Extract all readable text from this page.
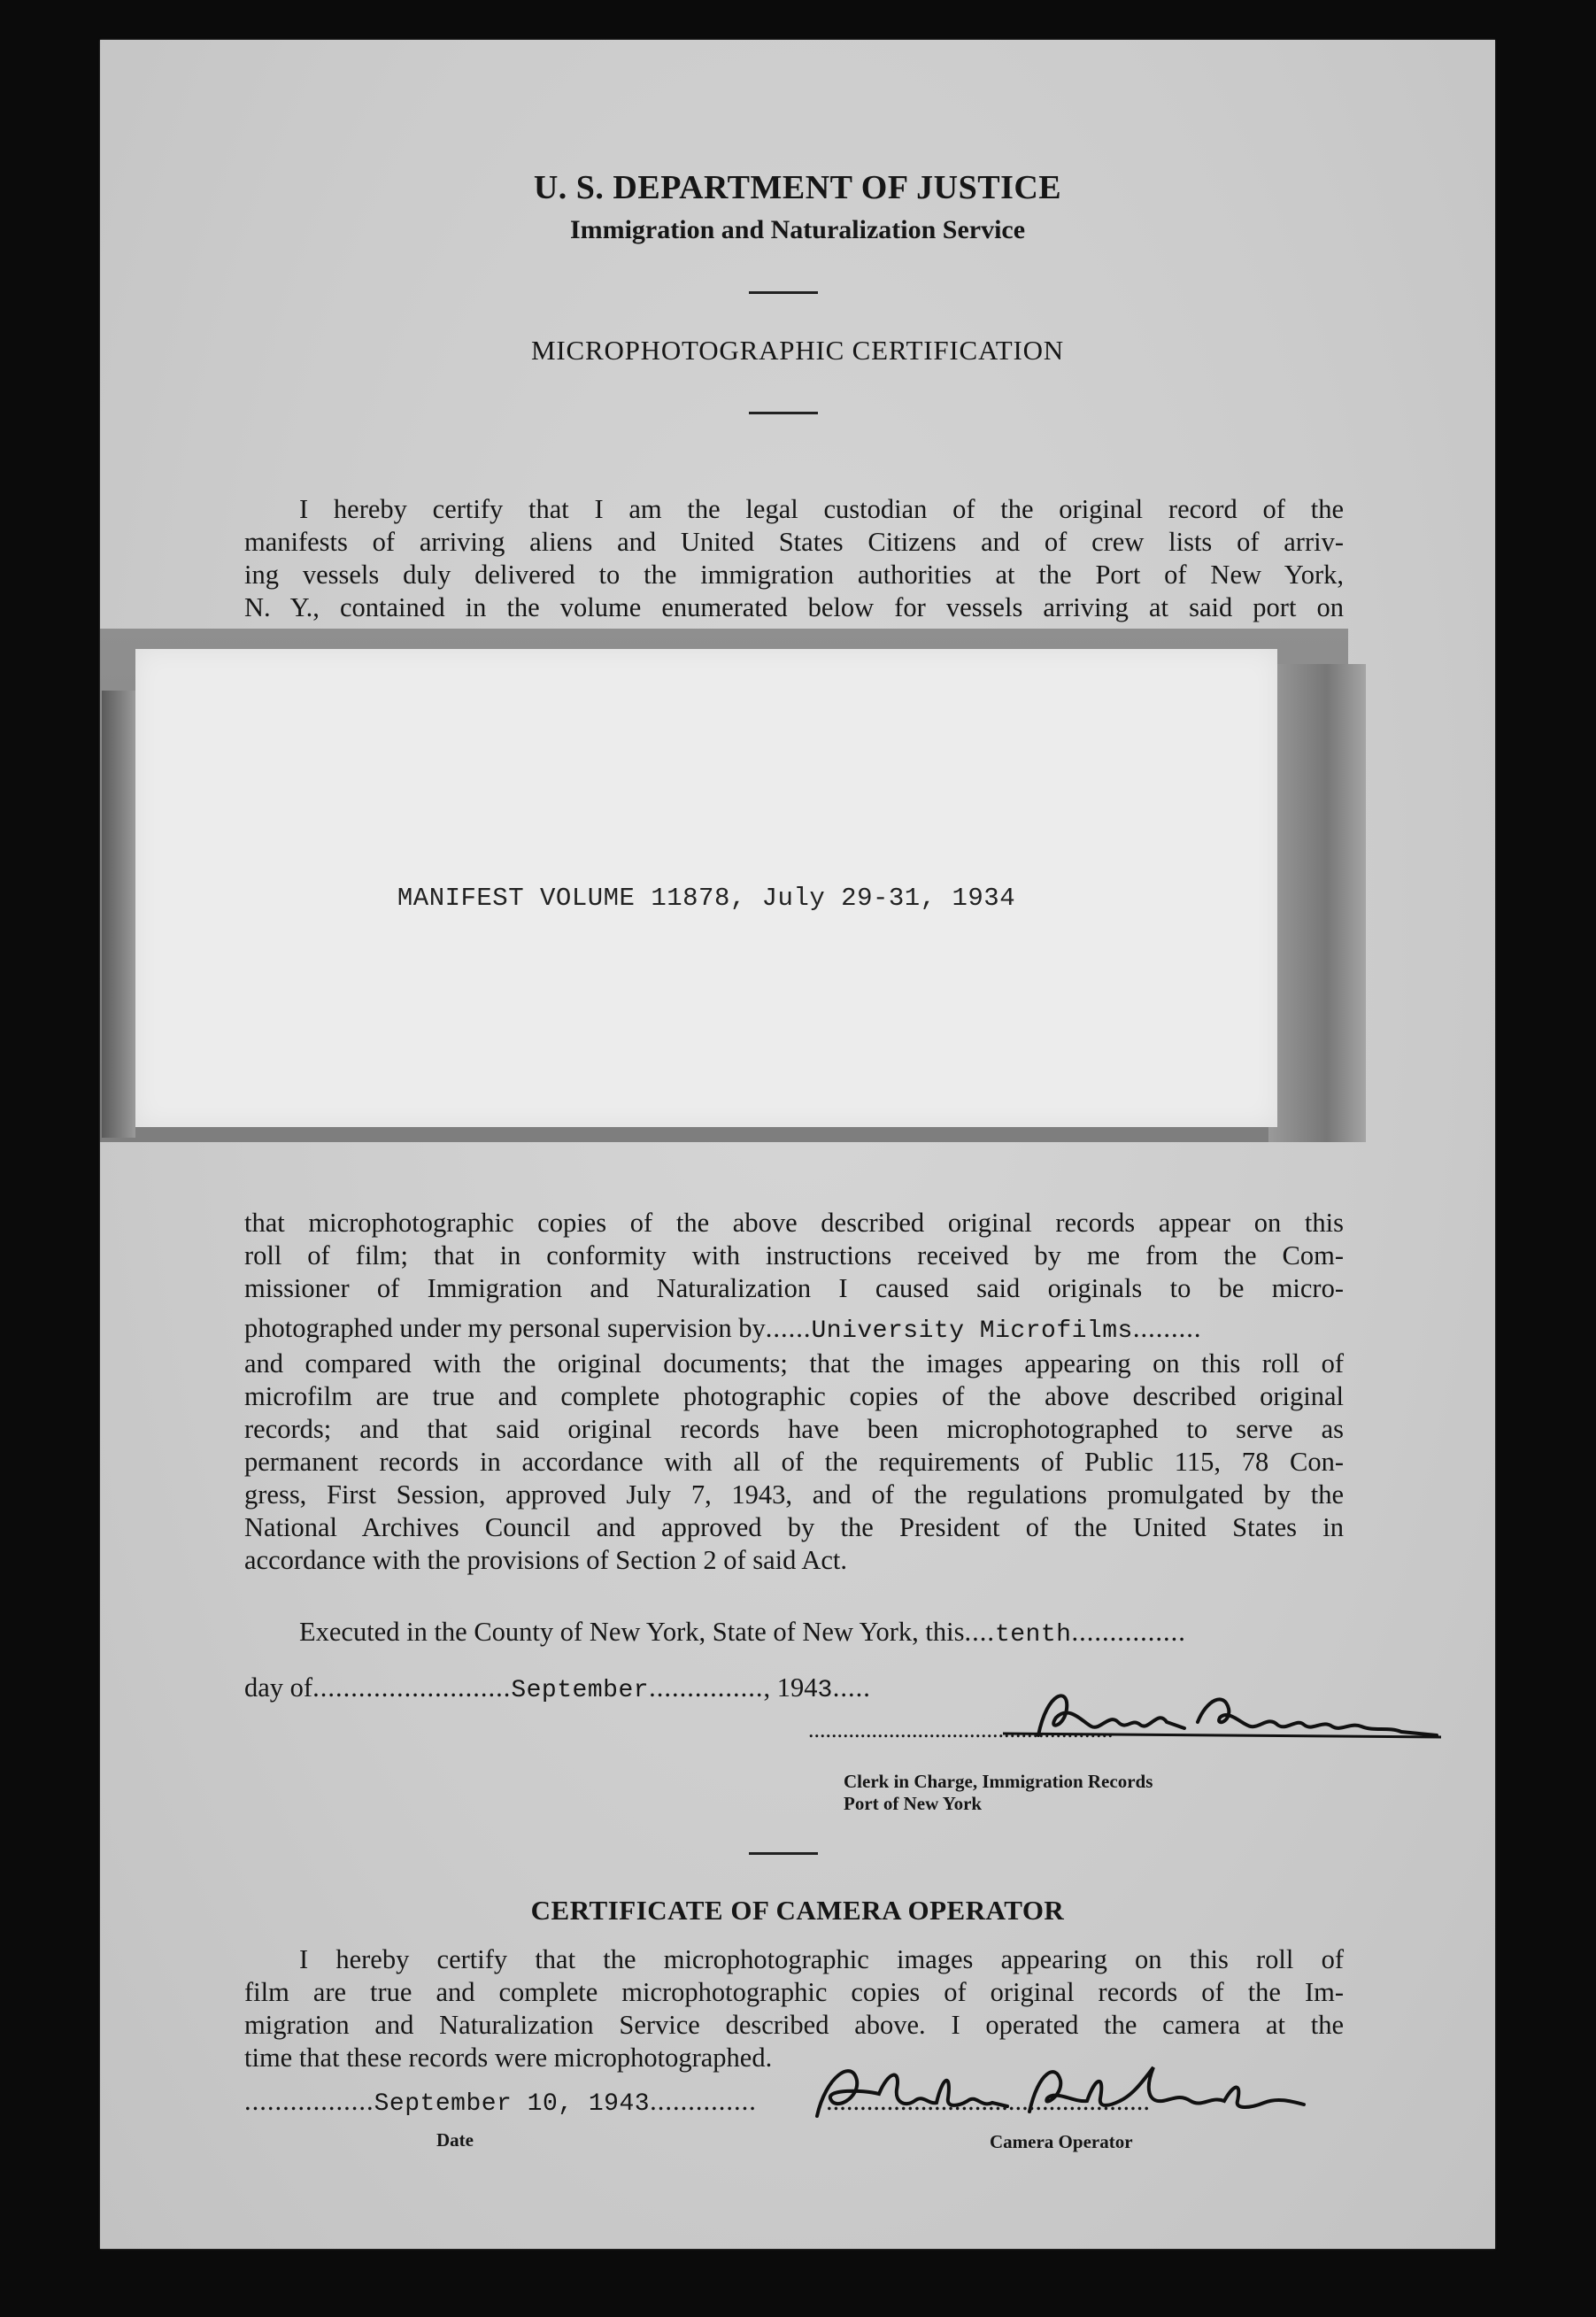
U. S. DEPARTMENT OF JUSTICE
Immigration and Naturalization Service
MICROPHOTOGRAPHIC CERTIFICATION
I hereby certify that I am the legal custodian of the original record of the
manifests of arriving aliens and United States Citizens and of crew lists of arriv-
ing vessels duly delivered to the immigration authorities at the Port of New York,
N. Y., contained in the volume enumerated below for vessels arriving at said port on
MANIFEST VOLUME 11878, July 29-31, 1934
that microphotographic copies of the above described original records appear on this
roll of film; that in conformity with instructions received by me from the Com-
missioner of Immigration and Naturalization I caused said originals to be micro-
photographed under my personal supervision by......University Microfilms.........
and compared with the original documents; that the images appearing on this roll of
microfilm are true and complete photographic copies of the above described original
records; and that said original records have been microphotographed to serve as
permanent records in accordance with all of the requirements of Public 115, 78 Con-
gress, First Session, approved July 7, 1943, and of the regulations promulgated by the
National Archives Council and approved by the President of the United States in
accordance with the provisions of Section 2 of said Act.
Executed in the County of New York, State of New York, this....tenth...............
day of..........................September..............., 1943.....
.....................................................
Clerk in Charge, Immigration Records
Port of New York
CERTIFICATE OF CAMERA OPERATOR
I hereby certify that the microphotographic images appearing on this roll of
film are true and complete microphotographic copies of original records of the Im-
migration and Naturalization Service described above. I operated the camera at the
time that these records were microphotographed.
.................September 10, 1943..............
Date
................................................
Camera Operator
